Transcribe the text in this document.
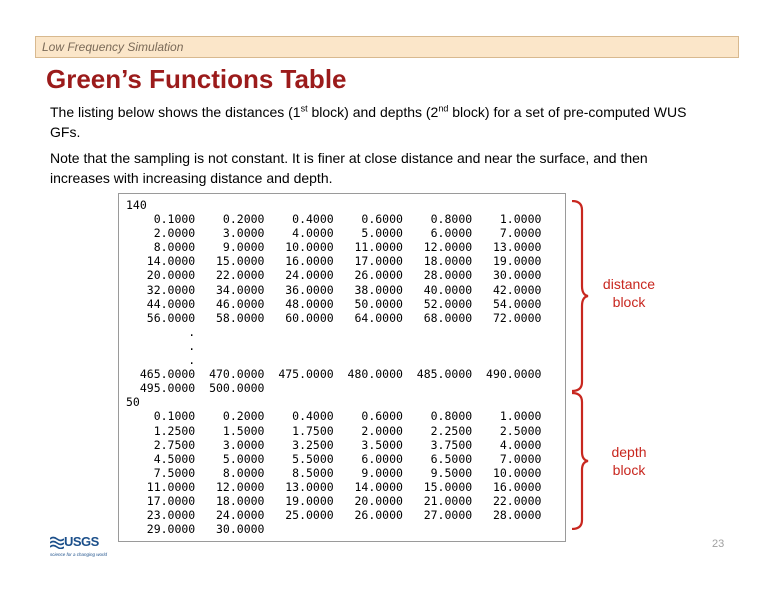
Low Frequency Simulation
Green’s Functions Table
The listing below shows the distances (1st block) and depths (2nd block) for a set of pre-computed WUS GFs.
Note that the sampling is not constant. It is finer at close distance and near the surface, and then increases with increasing distance and depth.
140
0.1000    0.2000    0.4000    0.6000    0.8000    1.0000
2.0000    3.0000    4.0000    5.0000    6.0000    7.0000
8.0000    9.0000   10.0000   11.0000   12.0000   13.0000
14.0000   15.0000   16.0000   17.0000   18.0000   19.0000
20.0000   22.0000   24.0000   26.0000   28.0000   30.0000
32.0000   34.0000   36.0000   38.0000   40.0000   42.0000
44.0000   46.0000   48.0000   50.0000   52.0000   54.0000
56.0000   58.0000   60.0000   64.0000   68.0000   72.0000
.
.
.
465.0000  470.0000  475.0000  480.0000  485.0000  490.0000
495.0000  500.0000
50
0.1000    0.2000    0.4000    0.6000    0.8000    1.0000
1.2500    1.5000    1.7500    2.0000    2.2500    2.5000
2.7500    3.0000    3.2500    3.5000    3.7500    4.0000
4.5000    5.0000    5.5000    6.0000    6.5000    7.0000
7.5000    8.0000    8.5000    9.0000    9.5000   10.0000
11.0000   12.0000   13.0000   14.0000   15.0000   16.0000
17.0000   18.0000   19.0000   20.0000   21.0000   22.0000
23.0000   24.0000   25.0000   26.0000   27.0000   28.0000
29.0000   30.0000
distance
block
depth
block
USGS
science for a changing world
23
